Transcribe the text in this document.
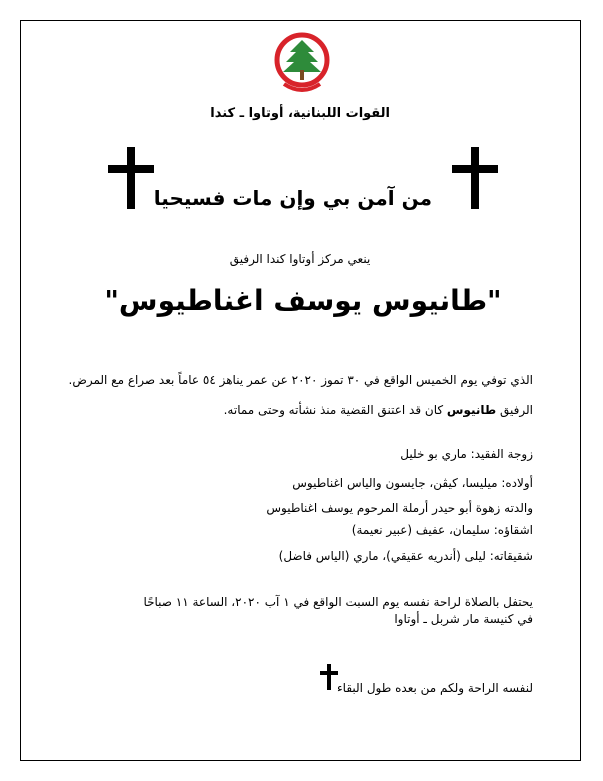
القوات اللبنانية، أوتاوا ـ كندا
من آمن بي وإن مات فسيحيا
ينعي مركز أوتاوا كندا الرفيق
"طانيوس يوسف اغناطيوس"
الذي توفي يوم الخميس الواقع في ٣٠ تموز ٢٠٢٠ عن عمر يناهز ٥٤ عاماً بعد صراع مع المرض.
الرفيق طانيوس كان قد اعتنق القضية منذ نشأته وحتى مماته.
زوجة الفقيد: ماري بو خليل
أولاده: ميليسا، كيڤن، جايسون والياس اغناطيوس
والدته زهوة أبو حيدر أرملة المرحوم يوسف اغناطيوس
اشقاؤه: سليمان، عفيف (عبير نعيمة)
شقيقاته: ليلى (أندريه عقيقي)، ماري (الياس فاضل)
يحتفل بالصلاة لراحة نفسه يوم السبت الواقع في ١ آب ٢٠٢٠، الساعة ١١ صباحًا
في كنيسة مار شربل ـ أوتاوا
لنفسه الراحة ولكم من بعده طول البقاء
